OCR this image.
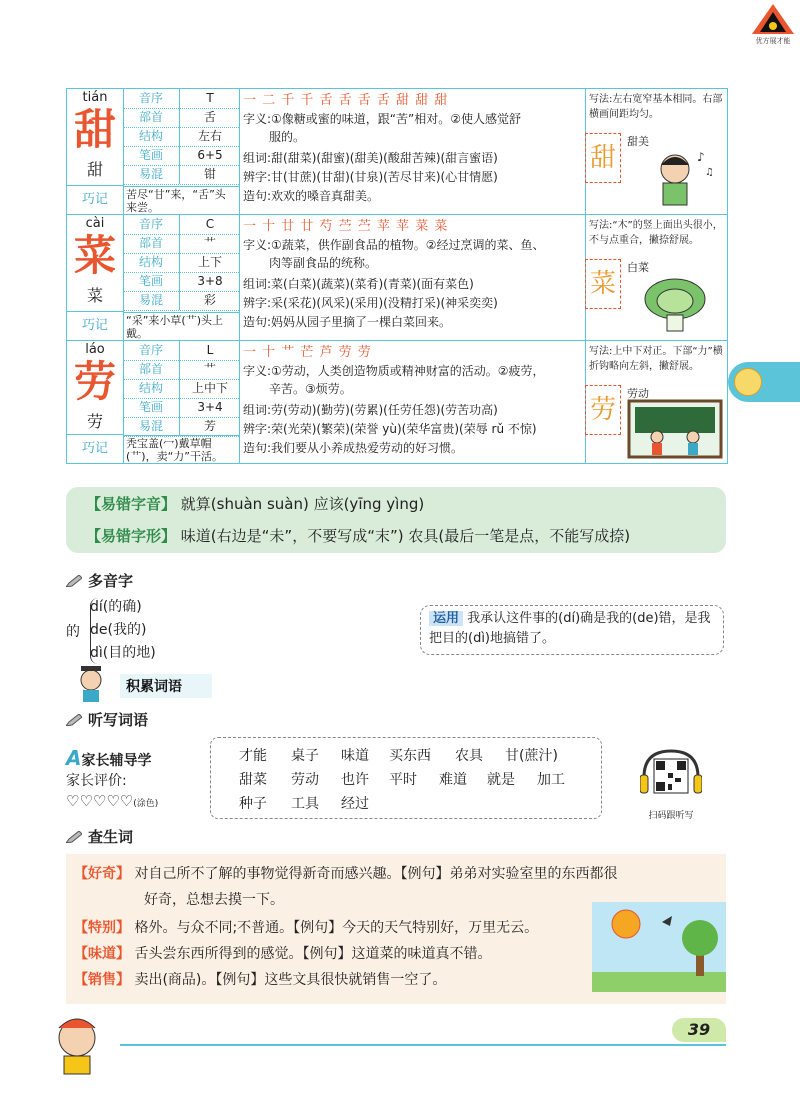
优方展才能
tián
甜
甜
巧记
音序	T
部首	舌
结构	左右
笔画	6+5
易混	钳
苦尽“甘”来，“舌”头来尝。
一 二 千 千 舌 舌 舌 舌 甜 甜 甜
字义:①像糖或蜜的味道，跟“苦”相对。②使人感觉舒
服的。
组词:甜(甜菜)(甜蜜)(甜美)(酸甜苦辣)(甜言蜜语)
辨字:甘(甘蔗)(甘甜)(甘泉)(苦尽甘来)(心甘情愿)
造句:欢欢的嗓音真甜美。
写法:左右宽窄基本相同。右部横画间距均匀。
甜
甜美
♪
♫
cài
菜
菜
巧记
音序	C
部首	艹
结构	上下
笔画	3+8
易混	彩
“采”来小草(艹)头上戴。
一 十 廿 廿 芍 苎 苎 苹 苹 菜 菜
字义:①蔬菜，供作副食品的植物。②经过烹调的菜、鱼、
肉等副食品的统称。
组词:菜(白菜)(蔬菜)(菜肴)(青菜)(面有菜色)
辨字:采(采花)(风采)(采用)(没精打采)(神采奕奕)
造句:妈妈从园子里摘了一棵白菜回来。
写法:“木”的竖上面出头很小，不与点重合，撇捺舒展。
菜
白菜
láo
劳
劳
巧记
音序	L
部首	艹
结构	上中下
笔画	3+4
易混	芳
秃宝盖(冖)戴草帽(艹)，卖“力”干活。
一 十 艹 芒 芦 劳 劳
字义:①劳动，人类创造物质或精神财富的活动。②疲劳，
辛苦。③烦劳。
组词:劳(劳动)(勤劳)(劳累)(任劳任怨)(劳苦功高)
辨字:荣(光荣)(繁荣)(荣誉 yù)(荣华富贵)(荣辱 rǔ 不惊)
造句:我们要从小养成热爱劳动的好习惯。
写法:上中下对正。下部“力”横折钩略向左斜，撇舒展。
劳
劳动
【易错字音】 就算(shuàn suàn) 应该(yīng yìng)
【易错字形】 味道(右边是“未”，不要写成“末”) 农具(最后一笔是点，不能写成捺)
多音字
的
dí(的确)
de(我的)
dì(目的地)
运用 我承认这件事的(dí)确是我的(de)错，是我把目的(dì)地搞错了。
积累词语
听写词语
A家长辅导学
家长评价:
♡♡♡♡♡(涂色)
才能 桌子 味道 买东西 农具 甘(蔗汁)
甜菜 劳动 也许 平时 难道 就是 加工
种子 工具 经过
扫码跟听写
查生词
【好奇】 对自己所不了解的事物觉得新奇而感兴趣。【例句】弟弟对实验室里的东西都很
好奇，总想去摸一下。
【特别】 格外。与众不同;不普通。【例句】今天的天气特别好，万里无云。
【味道】 舌头尝东西所得到的感觉。【例句】这道菜的味道真不错。
【销售】 卖出(商品)。【例句】这些文具很快就销售一空了。
39
